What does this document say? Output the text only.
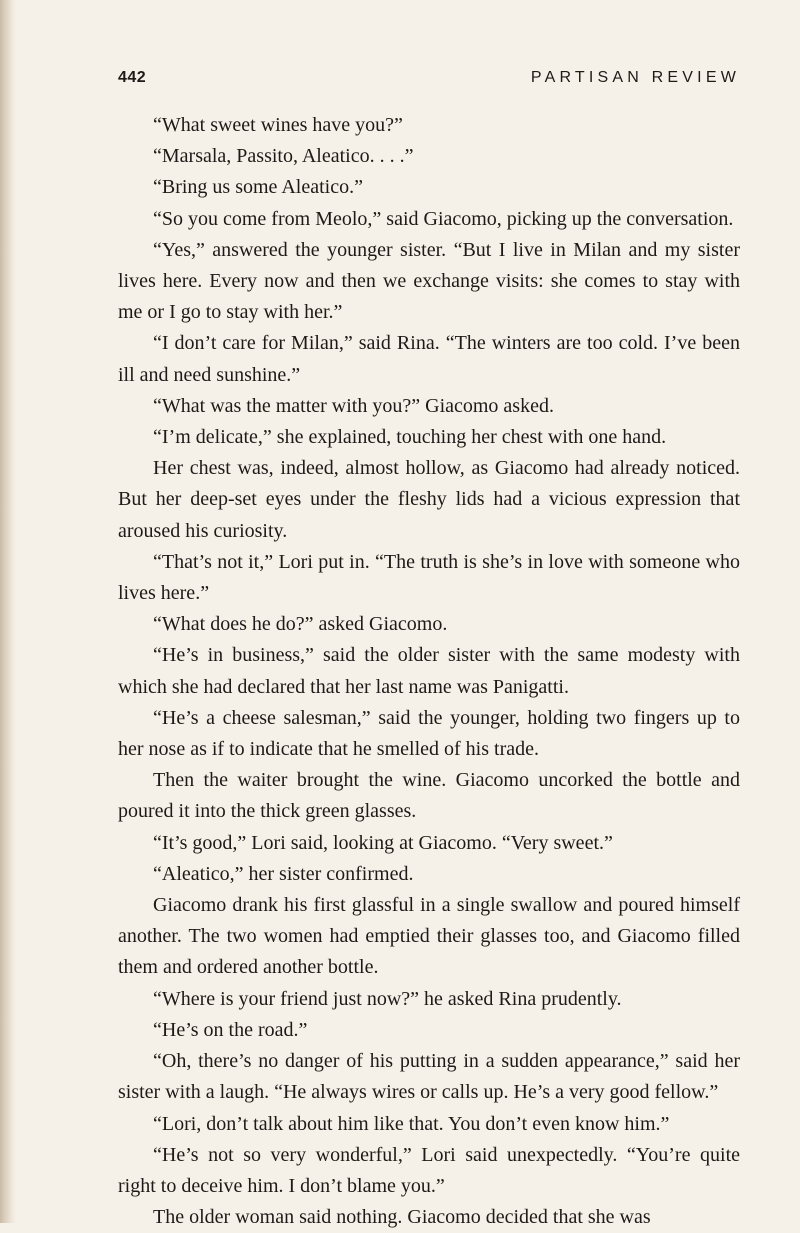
442	PARTISAN REVIEW

“What sweet wines have you?”

“Marsala, Passito, Aleatico. . . .”

“Bring us some Aleatico.”

“So you come from Meolo,” said Giacomo, picking up the conversation.

“Yes,” answered the younger sister. “But I live in Milan and my sister lives here. Every now and then we exchange visits: she comes to stay with me or I go to stay with her.”

“I don’t care for Milan,” said Rina. “The winters are too cold. I’ve been ill and need sunshine.”

“What was the matter with you?” Giacomo asked.

“I’m delicate,” she explained, touching her chest with one hand.

Her chest was, indeed, almost hollow, as Giacomo had already noticed. But her deep-set eyes under the fleshy lids had a vicious expression that aroused his curiosity.

“That’s not it,” Lori put in. “The truth is she’s in love with someone who lives here.”

“What does he do?” asked Giacomo.

“He’s in business,” said the older sister with the same modesty with which she had declared that her last name was Panigatti.

“He’s a cheese salesman,” said the younger, holding two fingers up to her nose as if to indicate that he smelled of his trade.

Then the waiter brought the wine. Giacomo uncorked the bottle and poured it into the thick green glasses.

“It’s good,” Lori said, looking at Giacomo. “Very sweet.”

“Aleatico,” her sister confirmed.

Giacomo drank his first glassful in a single swallow and poured himself another. The two women had emptied their glasses too, and Giacomo filled them and ordered another bottle.

“Where is your friend just now?” he asked Rina prudently.

“He’s on the road.”

“Oh, there’s no danger of his putting in a sudden appearance,” said her sister with a laugh. “He always wires or calls up. He’s a very good fellow.”

“Lori, don’t talk about him like that. You don’t even know him.”

“He’s not so very wonderful,” Lori said unexpectedly. “You’re quite right to deceive him. I don’t blame you.”

The older woman said nothing. Giacomo decided that she was
